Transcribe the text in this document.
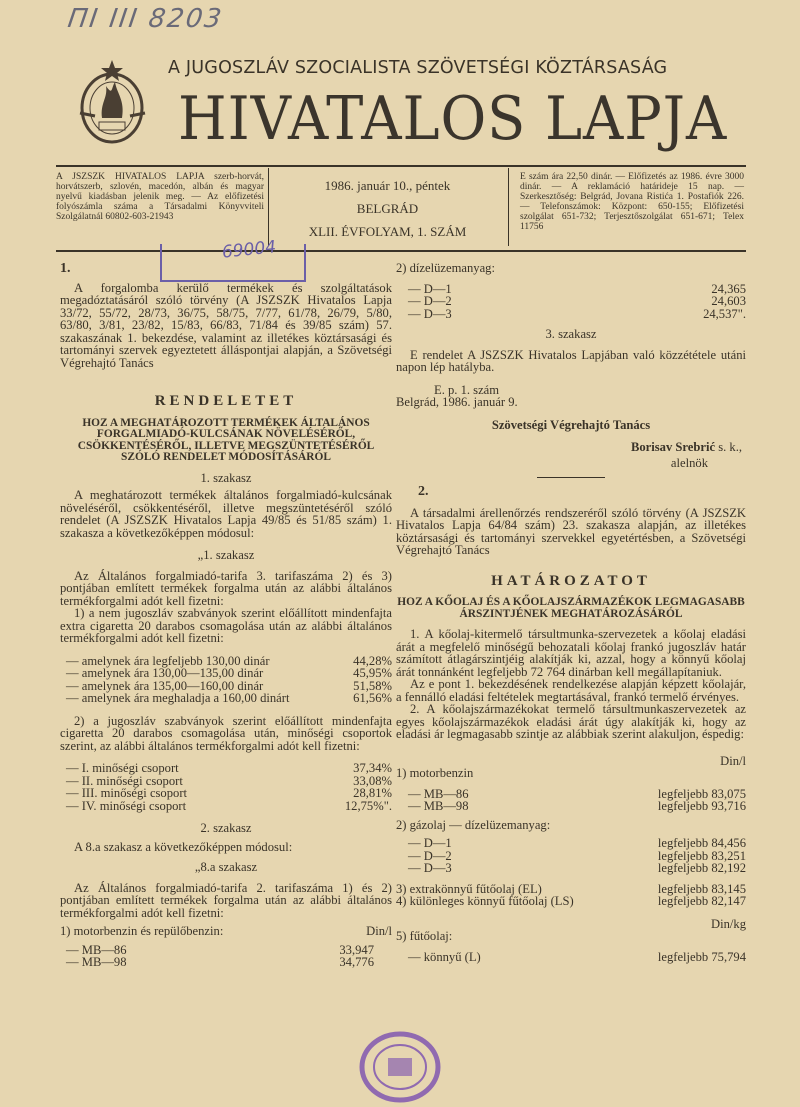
ПI III 8203
A JUGOSZLÁV SZOCIALISTA SZÖVETSÉGI KÖZTÁRSASÁG
HIVATALOS LAPJA
A JSZSZK HIVATALOS LAPJA szerb-horvát, horvátszerb, szlovén, macedón, albán és magyar nyelvű kiadásban jelenik meg. — Az előfizetési folyószámla száma a Társadalmi Könyvviteli Szolgálatnál 60802-603-21943
1986. január 10., péntek
BELGRÁD
XLII. ÉVFOLYAM, 1. SZÁM
E szám ára 22,50 dinár. — Előfizetés az 1986. évre 3000 dinár. — A reklamáció határideje 15 nap. — Szerkesztőség: Belgrád, Jovana Ristića 1. Postafiók 226. — Telefonszámok: Központ: 650-155; Előfizetési szolgálat 651-732; Terjesztőszolgálat 651-671; Telex 11756
69004
1.

A forgalomba kerülő termékek és szolgáltatások megadóztatásáról szóló törvény (A JSZSZK Hivatalos Lapja 33/72, 55/72, 28/73, 36/75, 58/75, 7/77, 61/78, 26/79, 5/80, 63/80, 3/81, 23/82, 15/83, 66/83, 71/84 és 39/85 szám) 57. szakaszának 1. bekezdése, valamint az illetékes köztársasági és tartományi szervek egyeztetett álláspontjai alapján, a Szövetségi Végrehajtó Tanács

RENDELETET
HOZ A MEGHATÁROZOTT TERMÉKEK ÁLTALÁNOS FORGALMIADÓ-KULCSÁNAK NÖVELÉSÉRŐL, CSÖKKENTÉSÉRŐL, ILLETVE MEGSZÜNTETÉSÉRŐL SZÓLÓ RENDELET MÓDOSÍTÁSÁRÓL
1. szakasz

A meghatározott termékek általános forgalmiadó-kulcsának növeléséről, csökkentéséről, illetve megszüntetéséről szóló rendelet (A JSZSZK Hivatalos Lapja 49/85 és 51/85 szám) 1. szakasza a következőképpen módosul:

„1. szakasz

Az Általános forgalmiadó-tarifa 3. tarifaszáma 2) és 3) pontjában említett termékek forgalma után az alábbi általános termékforgalmi adót kell fizetni:

1) a nem jugoszláv szabványok szerint előállított mindenfajta extra cigaretta 20 darabos csomagolása után az alábbi általános termékforgalmi adót kell fizetni:

— amelynek ára legfeljebb 130,00 dinár	44,28%
— amelynek ára 130,00—135,00 dinár	45,95%
— amelynek ára 135,00—160,00 dinár	51,58%
— amelynek ára meghaladja a 160,00 dinárt	61,56%

2) a jugoszláv szabványok szerint előállított mindenfajta cigaretta 20 darabos csomagolása után, minőségi csoportok szerint, az alábbi általános termékforgalmi adót kell fizetni:

— I. minőségi csoport	37,34%
— II. minőségi csoport	33,08%
— III. minőségi csoport	28,81%
— IV. minőségi csoport	12,75%".
2. szakasz

A 8.a szakasz a következőképpen módosul:

„8.a szakasz

Az Általános forgalmiadó-tarifa 2. tarifaszáma 1) és 2) pontjában említett termékek forgalma után az alábbi általános termékforgalmi adót kell fizetni:

1) motorbenzin és repülőbenzin:	Din/l
— MB—86	33,947
— MB—98	34,776
2) dízelüzemanyag:
— D—1	24,365
— D—2	24,603
— D—3	24,537".
3. szakasz

E rendelet A JSZSZK Hivatalos Lapjában való közzététele utáni napon lép hatályba.

E. p. 1. szám
Belgrád, 1986. január 9.
Szövetségi Végrehajtó Tanács
Borisav Srebrić s. k.,
alelnök
2.

A társadalmi árellenőrzés rendszeréről szóló törvény (A JSZSZK Hivatalos Lapja 64/84 szám) 23. szakasza alapján, az illetékes köztársasági és tartományi szervekkel egyetértésben, a Szövetségi Végrehajtó Tanács

HATÁROZATOT
HOZ A KŐOLAJ ÉS A KŐOLAJSZÁRMAZÉKOK LEGMAGASABB ÁRSZINTJÉNEK MEGHATÁROZÁSÁRÓL

1. A kőolaj-kitermelő társultmunka-szervezetek a kőolaj eladási árát a megfelelő minőségű behozatali kőolaj frankó jugoszláv határ számított átlagárszintjéig alakítják ki, azzal, hogy a könnyű kőolaj árát tonnánként legfeljebb 72 764 dinárban kell megállapítaniuk.

Az e pont 1. bekezdésének rendelkezése alapján képzett kőolajár, a fennálló eladási feltételek megtartásával, frankó termelő érvényes.

2. A kőolajszármazékokat termelő társultmunkaszervezetek az egyes kőolajszármazékok eladási árát úgy alakítják ki, hogy az eladási ár legmagasabb szintje az alábbiak szerint alakuljon, éspedig:

Din/l
1) motorbenzin
— MB—86	legfeljebb 83,075
— MB—98	legfeljebb 93,716
2) gázolaj — dízelüzemanyag:
— D—1	legfeljebb 84,456
— D—2	legfeljebb 83,251
— D—3	legfeljebb 82,192
3) extrakönnyű fűtőolaj (EL)	legfeljebb 83,145
4) különleges könnyű fűtőolaj (LS)	legfeljebb 82,147
Din/kg
5) fűtőolaj:
— könnyű (L)	legfeljebb 75,794
